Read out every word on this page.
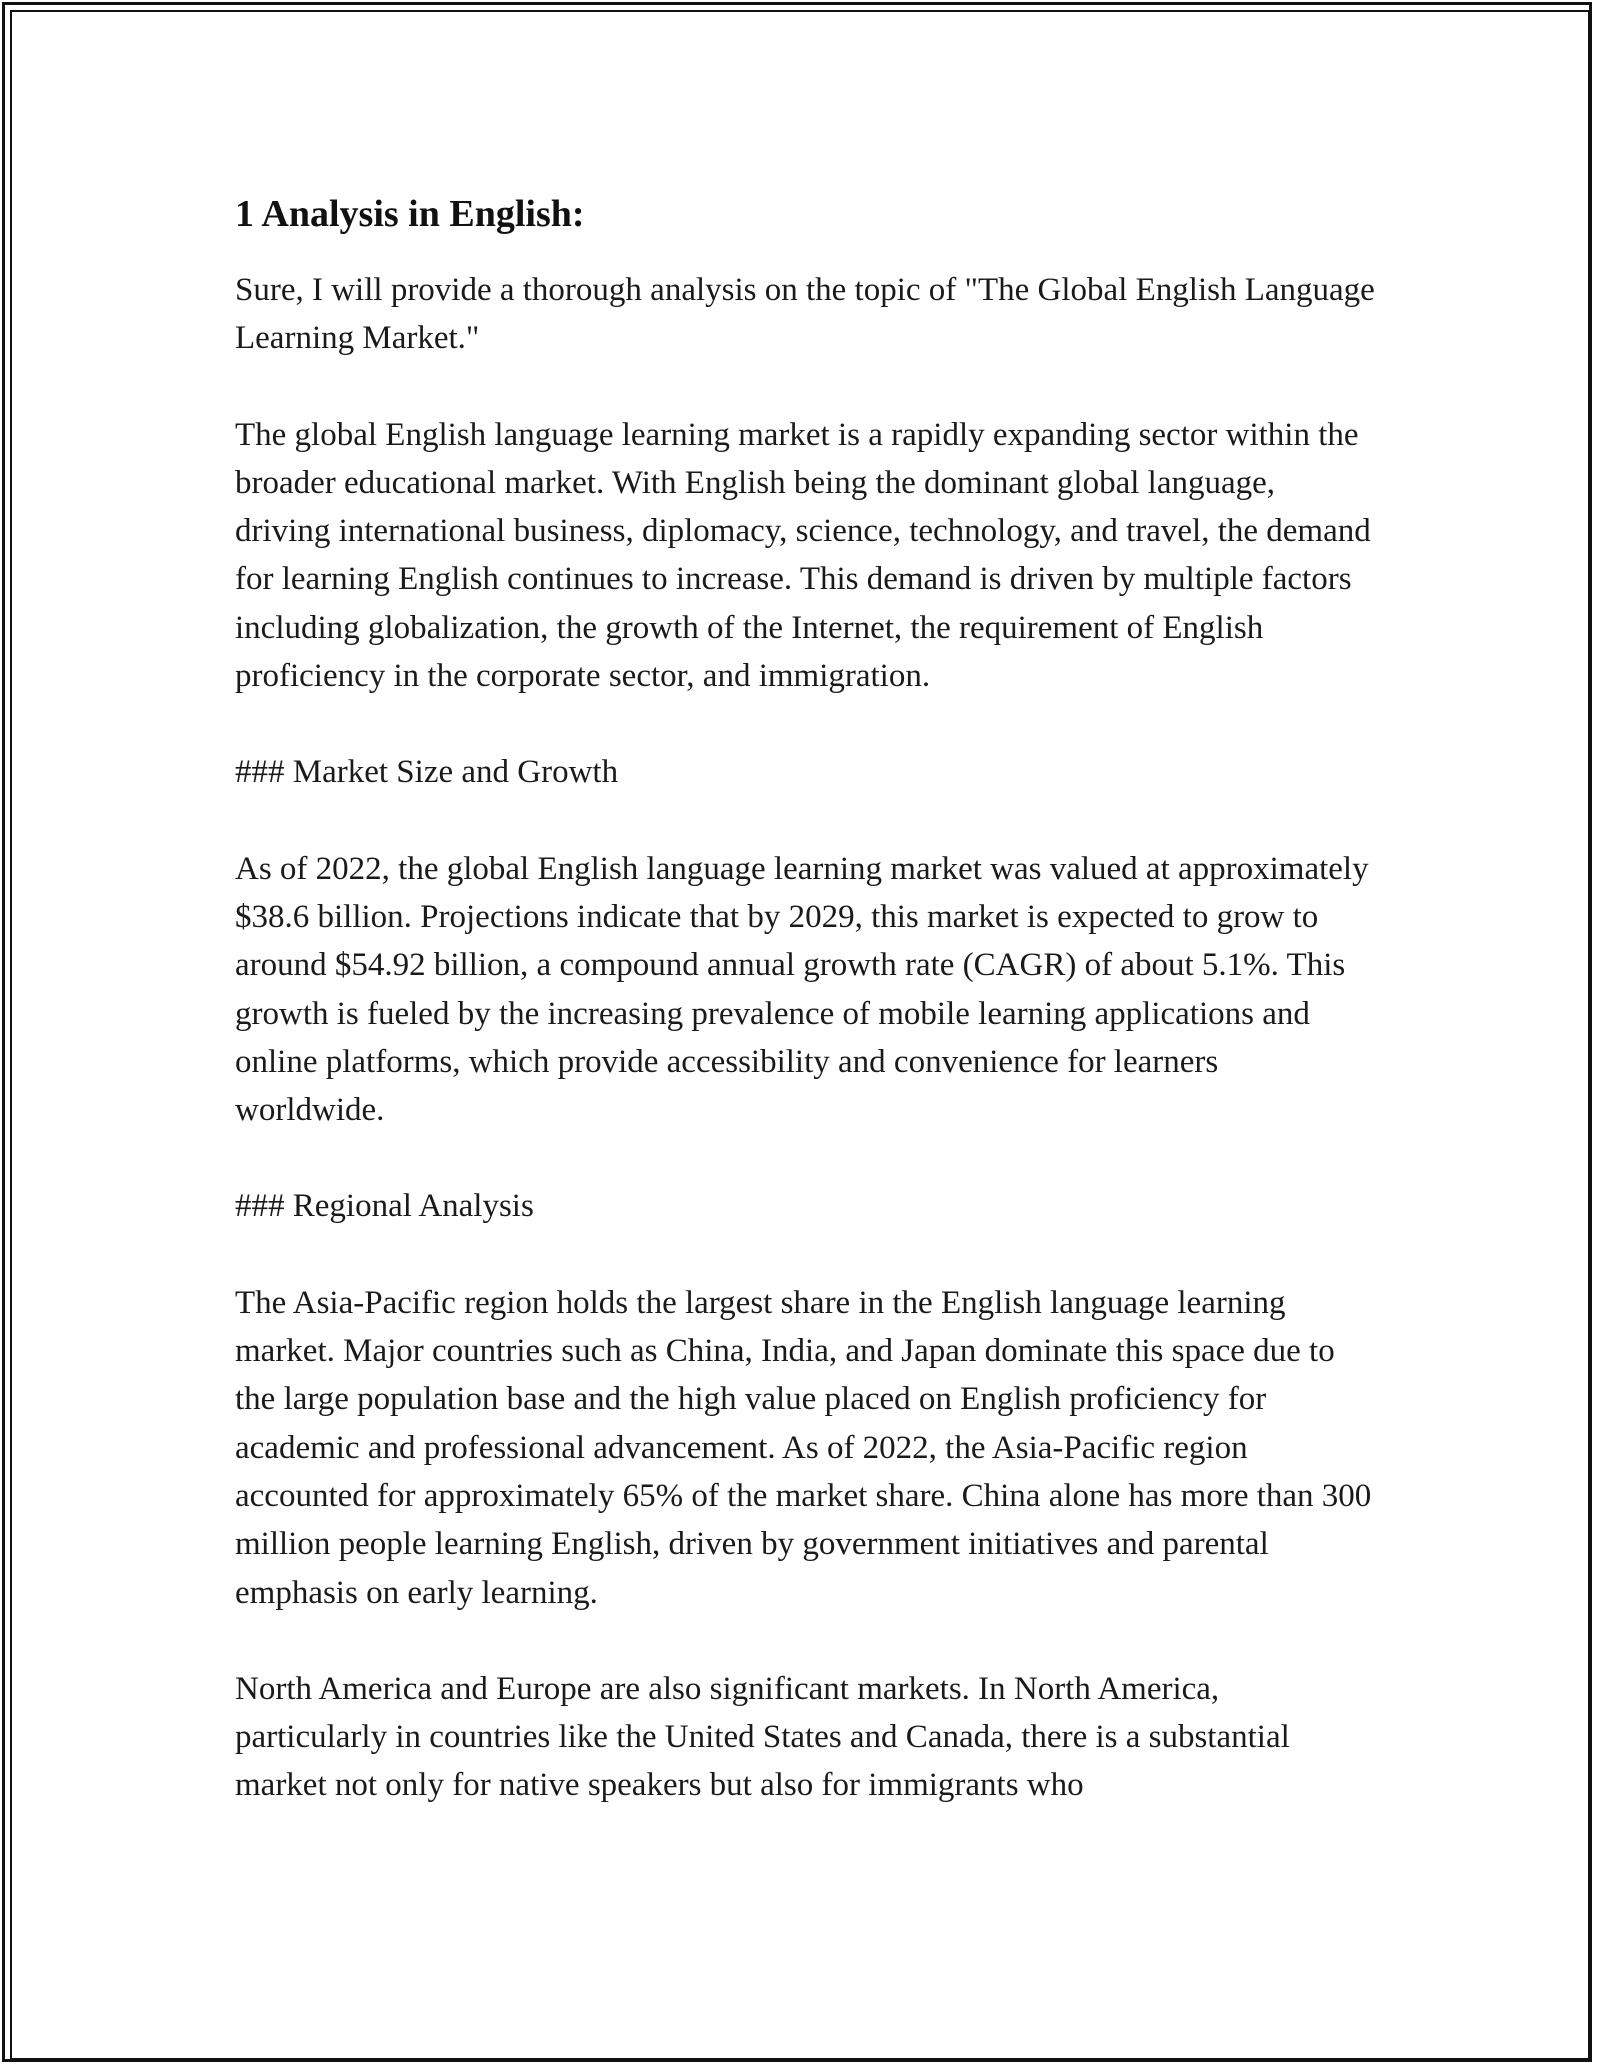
1 Analysis in English:

Sure, I will provide a thorough analysis on the topic of "The Global English Language Learning Market."

The global English language learning market is a rapidly expanding sector within the broader educational market. With English being the dominant global language, driving international business, diplomacy, science, technology, and travel, the demand for learning English continues to increase. This demand is driven by multiple factors including globalization, the growth of the Internet, the requirement of English proficiency in the corporate sector, and immigration.

### Market Size and Growth

As of 2022, the global English language learning market was valued at approximately $38.6 billion. Projections indicate that by 2029, this market is expected to grow to around $54.92 billion, a compound annual growth rate (CAGR) of about 5.1%. This growth is fueled by the increasing prevalence of mobile learning applications and online platforms, which provide accessibility and convenience for learners worldwide.

### Regional Analysis

The Asia-Pacific region holds the largest share in the English language learning market. Major countries such as China, India, and Japan dominate this space due to the large population base and the high value placed on English proficiency for academic and professional advancement. As of 2022, the Asia-Pacific region accounted for approximately 65% of the market share. China alone has more than 300 million people learning English, driven by government initiatives and parental emphasis on early learning.

North America and Europe are also significant markets. In North America, particularly in countries like the United States and Canada, there is a substantial market not only for native speakers but also for immigrants who
